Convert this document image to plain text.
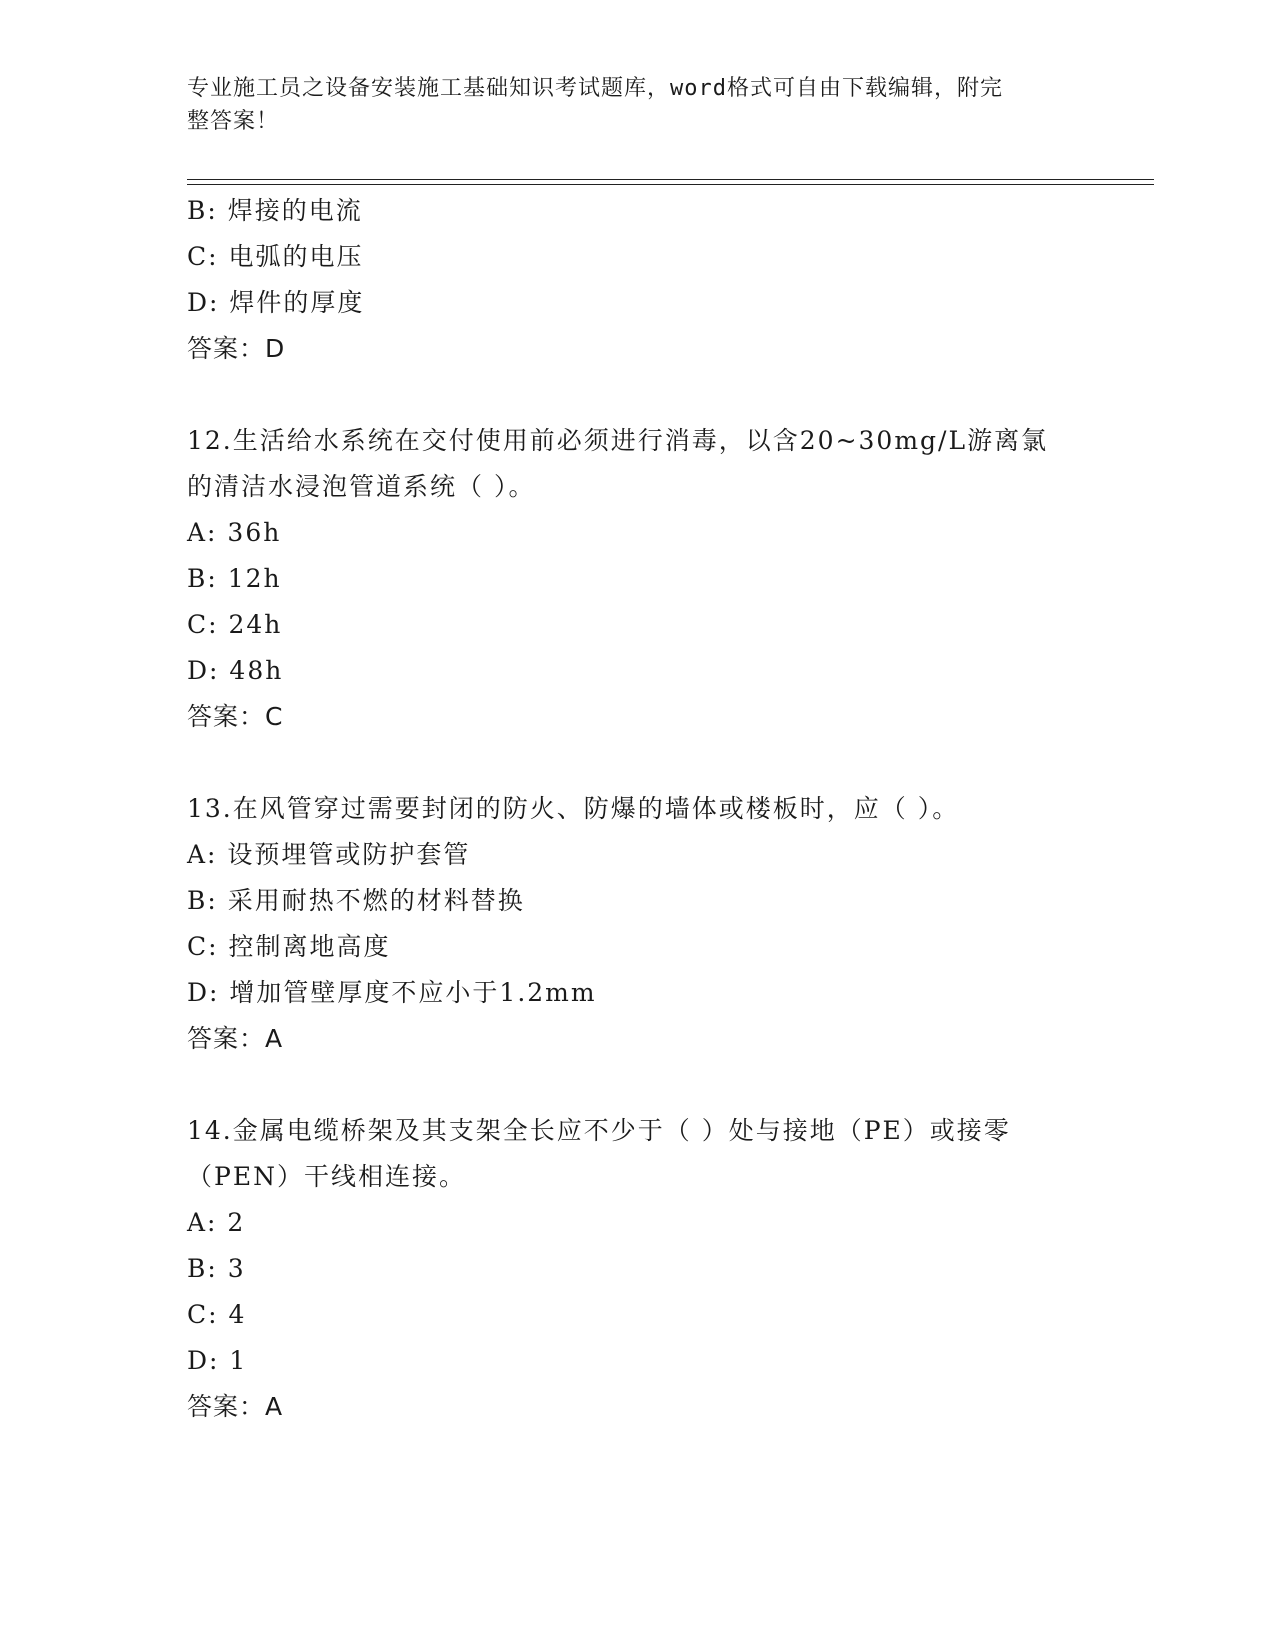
专业施工员之设备安装施工基础知识考试题库，word格式可自由下载编辑，附完
整答案！
B: 焊接的电流
C: 电弧的电压
D: 焊件的厚度
答案：D
12.生活给水系统在交付使用前必须进行消毒，以含20~30mg/L游离氯
的清洁水浸泡管道系统（ ）。
A: 36h
B: 12h
C: 24h
D: 48h
答案：C
13.在风管穿过需要封闭的防火、防爆的墙体或楼板时，应（ ）。
A: 设预埋管或防护套管
B: 采用耐热不燃的材料替换
C: 控制离地高度
D: 增加管壁厚度不应小于1.2mm
答案：A
14.金属电缆桥架及其支架全长应不少于（ ）处与接地（PE）或接零
（PEN）干线相连接。
A: 2
B: 3
C: 4
D: 1
答案：A
